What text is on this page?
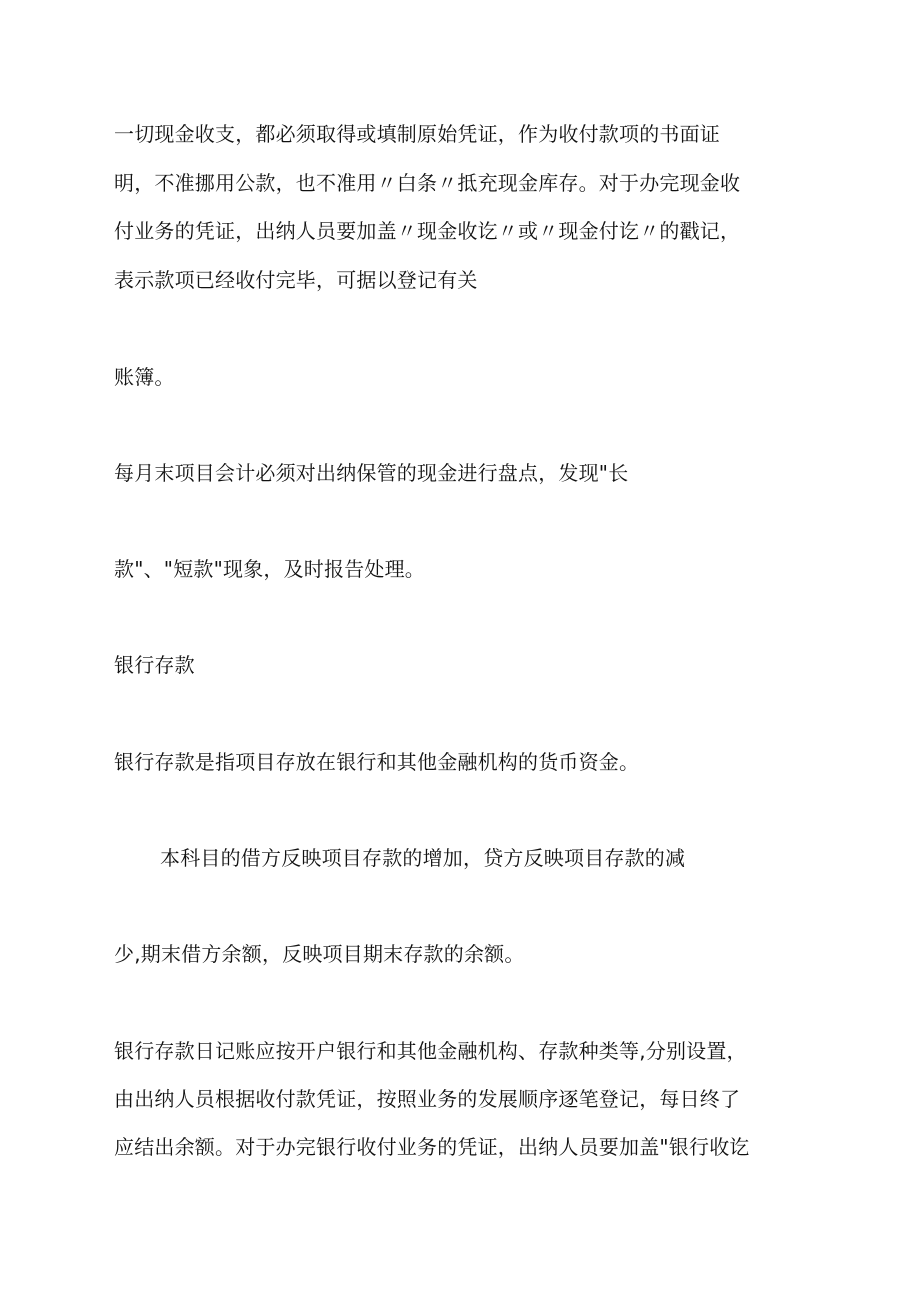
一切现金收支，都必须取得或填制原始凭证，作为收付款项的书面证
明，不准挪用公款，也不准用〃白条〃抵充现金库存。对于办完现金收
付业务的凭证，出纳人员要加盖〃现金收讫〃或〃现金付讫〃的戳记，
表示款项已经收付完毕，可据以登记有关
账簿。
每月末项目会计必须对出纳保管的现金进行盘点，发现"长
款"、"短款"现象，及时报告处理。
银行存款
银行存款是指项目存放在银行和其他金融机构的货币资金。
本科目的借方反映项目存款的增加，贷方反映项目存款的减
少,期末借方余额，反映项目期末存款的余额。
银行存款日记账应按开户银行和其他金融机构、存款种类等,分别设置，
由出纳人员根据收付款凭证，按照业务的发展顺序逐笔登记，每日终了
应结出余额。对于办完银行收付业务的凭证，出纳人员要加盖"银行收讫
